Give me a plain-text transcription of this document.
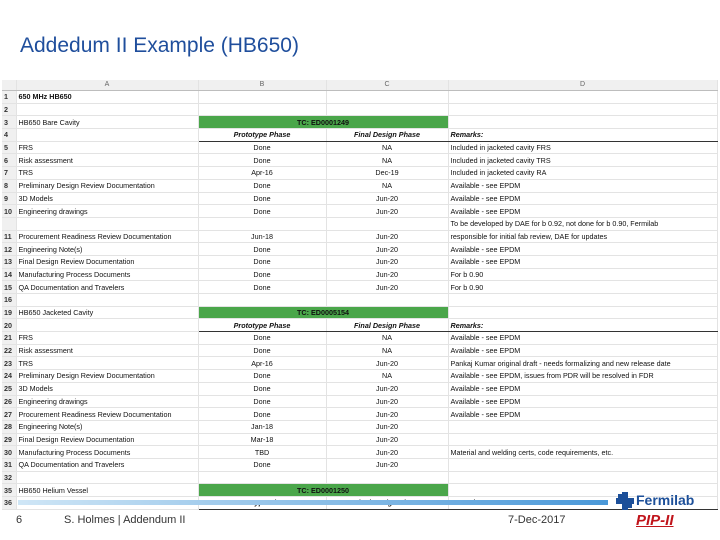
Addedum II Example (HB650)
	A	B	C	D
1	650 MHz HB650			
2				
3	HB650 Bare Cavity	TC: ED0001249		
4		Prototype Phase	Final Design Phase	Remarks:
5	FRS	Done	NA	Included in jacketed cavity FRS
6	Risk assessment	Done	NA	Included in jacketed cavity TRS
7	TRS	Apr-16	Dec-19	Included in jacketed cavity RA
8	Preliminary Design Review Documentation	Done	NA	Available - see EPDM
9	3D Models	Done	Jun-20	Available - see EPDM
10	Engineering drawings	Done	Jun-20	Available - see EPDM
				To be developed by DAE for b 0.92, not done for b 0.90, Fermilab
11	Procurement Readiness Review Documentation	Jun-18	Jun-20	responsible for initial fab review, DAE for updates
12	Engineering Note(s)	Done	Jun-20	Available - see EPDM
13	Final Design Review Documentation	Done	Jun-20	Available - see EPDM
14	Manufacturing Process Documents	Done	Jun-20	For b 0.90
15	QA Documentation and Travelers	Done	Jun-20	For b 0.90
16				
19	HB650 Jacketed Cavity	TC: ED0005154		
20		Prototype Phase	Final Design Phase	Remarks:
21	FRS	Done	NA	Available - see EPDM
22	Risk assessment	Done	NA	Available - see EPDM
23	TRS	Apr-16	Jun-20	Pankaj Kumar original draft - needs formalizing and new release date
24	Preliminary Design Review Documentation	Done	NA	Available - see EPDM, issues from PDR will be resolved in FDR
25	3D Models	Done	Jun-20	Available - see EPDM
26	Engineering drawings	Done	Jun-20	Available - see EPDM
27	Procurement Readiness Review Documentation	Done	Jun-20	Available - see EPDM
28	Engineering Note(s)	Jan-18	Jun-20	
29	Final Design Review Documentation	Mar-18	Jun-20	
30	Manufacturing Process Documents	TBD	Jun-20	Material and welding certs, code requirements, etc.
31	QA Documentation and Travelers	Done	Jun-20	
32				
35	HB650 Helium Vessel	TC: ED0001250		
36				
6	S. Holmes | Addendum II	7-Dec-2017
Fermilab
PIP-II
